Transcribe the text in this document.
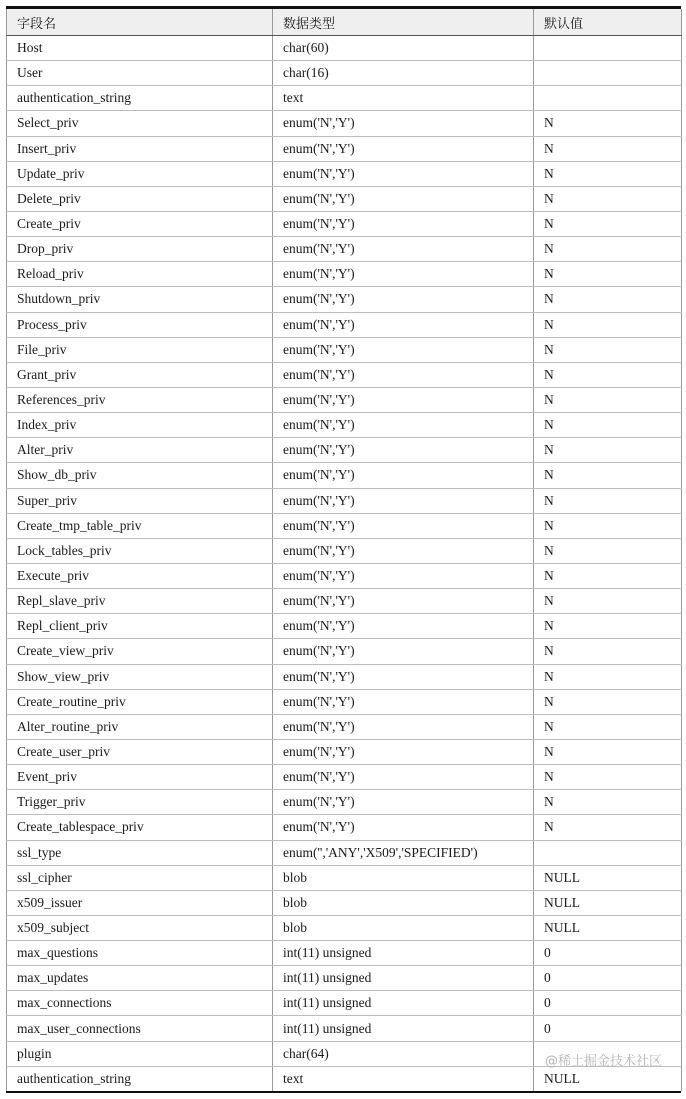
字段名	数据类型	默认值
Host	char(60)	
User	char(16)	
authentication_string	text	
Select_priv	enum('N','Y')	N
Insert_priv	enum('N','Y')	N
Update_priv	enum('N','Y')	N
Delete_priv	enum('N','Y')	N
Create_priv	enum('N','Y')	N
Drop_priv	enum('N','Y')	N
Reload_priv	enum('N','Y')	N
Shutdown_priv	enum('N','Y')	N
Process_priv	enum('N','Y')	N
File_priv	enum('N','Y')	N
Grant_priv	enum('N','Y')	N
References_priv	enum('N','Y')	N
Index_priv	enum('N','Y')	N
Alter_priv	enum('N','Y')	N
Show_db_priv	enum('N','Y')	N
Super_priv	enum('N','Y')	N
Create_tmp_table_priv	enum('N','Y')	N
Lock_tables_priv	enum('N','Y')	N
Execute_priv	enum('N','Y')	N
Repl_slave_priv	enum('N','Y')	N
Repl_client_priv	enum('N','Y')	N
Create_view_priv	enum('N','Y')	N
Show_view_priv	enum('N','Y')	N
Create_routine_priv	enum('N','Y')	N
Alter_routine_priv	enum('N','Y')	N
Create_user_priv	enum('N','Y')	N
Event_priv	enum('N','Y')	N
Trigger_priv	enum('N','Y')	N
Create_tablespace_priv	enum('N','Y')	N
ssl_type	enum('','ANY','X509','SPECIFIED')	
ssl_cipher	blob	NULL
x509_issuer	blob	NULL
x509_subject	blob	NULL
max_questions	int(11) unsigned	0
max_updates	int(11) unsigned	0
max_connections	int(11) unsigned	0
max_user_connections	int(11) unsigned	0
plugin	char(64)	
authentication_string	text	NULL
@稀土掘金技术社区
